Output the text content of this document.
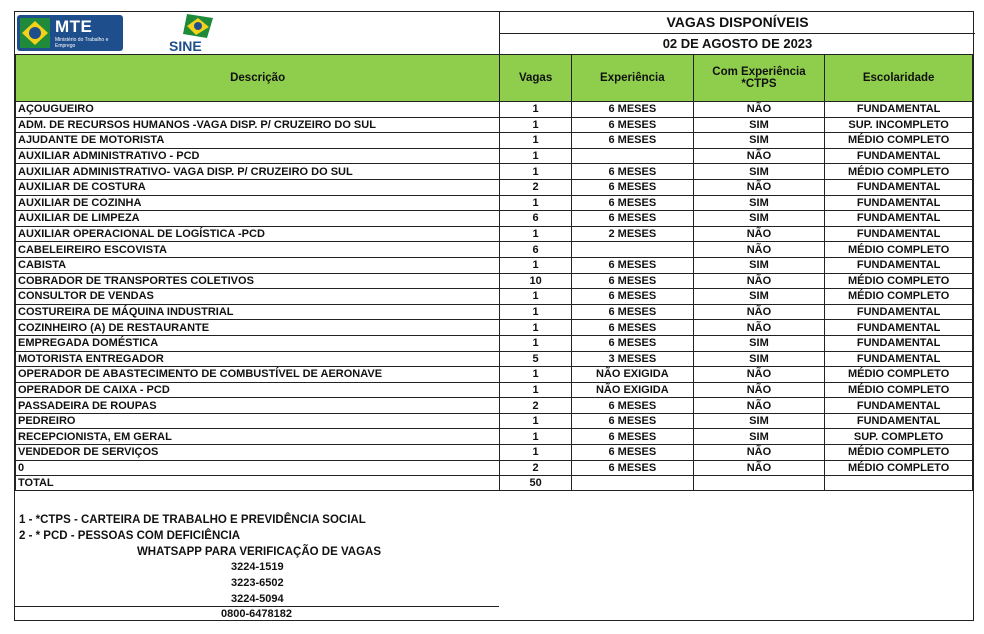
MTE
Ministério do Trabalho e Emprego	SINE
VAGAS DISPONÍVEIS
02 DE AGOSTO DE 2023
Descrição	Vagas	Experiência	Com Experiência *CTPS	Escolaridade
AÇOUGUEIRO	1	6 MESES	NÃO	FUNDAMENTAL
ADM. DE RECURSOS HUMANOS -VAGA DISP. P/ CRUZEIRO DO SUL	1	6 MESES	SIM	SUP. INCOMPLETO
AJUDANTE DE MOTORISTA	1	6 MESES	SIM	MÉDIO COMPLETO
AUXILIAR ADMINISTRATIVO - PCD	1		NÃO	FUNDAMENTAL
AUXILIAR ADMINISTRATIVO- VAGA DISP. P/ CRUZEIRO DO SUL	1	6 MESES	SIM	MÉDIO COMPLETO
AUXILIAR DE COSTURA	2	6 MESES	NÃO	FUNDAMENTAL
AUXILIAR DE COZINHA	1	6 MESES	SIM	FUNDAMENTAL
AUXILIAR DE LIMPEZA	6	6 MESES	SIM	FUNDAMENTAL
AUXILIAR OPERACIONAL DE LOGÍSTICA -PCD	1	2 MESES	NÃO	FUNDAMENTAL
CABELEIREIRO ESCOVISTA	6		NÃO	MÉDIO COMPLETO
CABISTA	1	6 MESES	SIM	FUNDAMENTAL
COBRADOR DE TRANSPORTES COLETIVOS	10	6 MESES	NÃO	MÉDIO COMPLETO
CONSULTOR DE VENDAS	1	6 MESES	SIM	MÉDIO COMPLETO
COSTUREIRA DE MÁQUINA INDUSTRIAL	1	6 MESES	NÃO	FUNDAMENTAL
COZINHEIRO (A) DE RESTAURANTE	1	6 MESES	NÃO	FUNDAMENTAL
EMPREGADA DOMÉSTICA	1	6 MESES	SIM	FUNDAMENTAL
MOTORISTA ENTREGADOR	5	3 MESES	SIM	FUNDAMENTAL
OPERADOR DE ABASTECIMENTO DE COMBUSTÍVEL DE AERONAVE	1	NÃO EXIGIDA	NÃO	MÉDIO COMPLETO
OPERADOR DE CAIXA - PCD	1	NÃO EXIGIDA	NÃO	MÉDIO COMPLETO
PASSADEIRA DE ROUPAS	2	6 MESES	NÃO	FUNDAMENTAL
PEDREIRO	1	6 MESES	SIM	FUNDAMENTAL
RECEPCIONISTA, EM GERAL	1	6 MESES	SIM	SUP. COMPLETO
VENDEDOR DE SERVIÇOS	1	6 MESES	NÃO	MÉDIO COMPLETO
0	2	6 MESES	NÃO	MÉDIO COMPLETO
TOTAL	50			
1 - *CTPS - CARTEIRA DE TRABALHO E PREVIDÊNCIA SOCIAL
2 - * PCD - PESSOAS COM DEFICIÊNCIA
WHATSAPP PARA VERIFICAÇÃO DE VAGAS
3224-1519
3223-6502
3224-5094
0800-6478182
